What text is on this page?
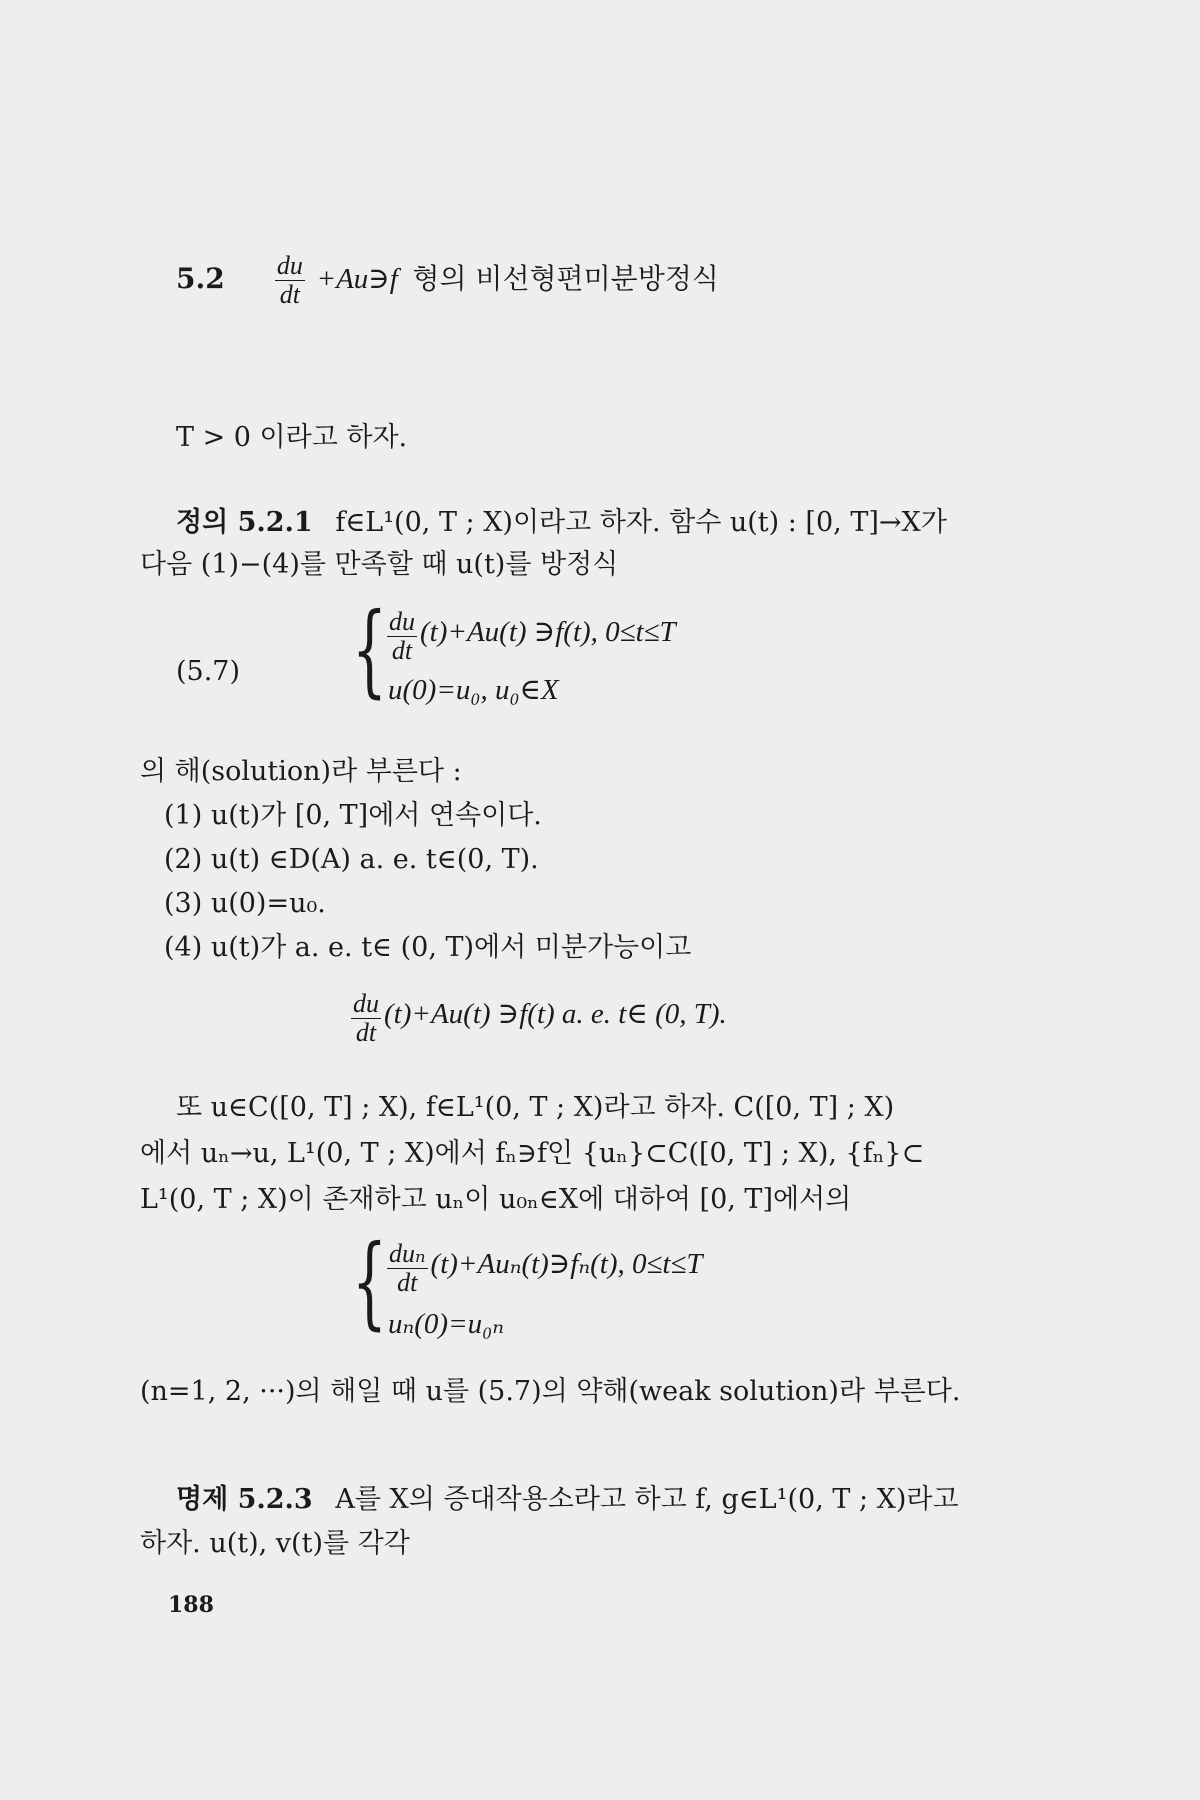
$5.2 \frac{du}{dt}$ +Au∋f 형의 비선형편미분방정식
T > 0 이라고 하자.
정의 5.2.1 f∈L¹(0, T ; X)이라고 하자. 함수 u(t) : [0, T]→X가
다음 (1)−(4)를 만족할 때 u(t)를 방정식
(5.7) { $\frac{du}{dt} (t)+Au(t)$ ∋f(t), 0≤t≤T
u(0)=u₀, u₀∈X
의 해(solution)라 부른다 :
(1) u(t)가 [0, T]에서 연속이다.
(2) u(t) ∈D(A) a. e. t∈(0, T).
(3) u(0)=u₀.
(4) u(t)가 a. e. t∈ (0, T)에서 미분가능이고
$\frac{du}{dt} (t)+Au(t)$ ∋f(t) a. e. t∈ (0, T).
또 u∈C([0, T] ; X), f∈L¹(0, T ; X)라고 하자. C([0, T] ; X)
에서 uₙ→u, L¹(0, T ; X)에서 fₙ∋f인 {uₙ}⊂C([0, T] ; X), {fₙ}⊂
L¹(0, T ; X)이 존재하고 uₙ이 u₀ₙ∈X에 대하여 [0, T]에서의
{ $\frac{\text{duₙ}}{dt}$ (t)+Auₙ(t)∋fₙ(t), 0≤t≤T
uₙ(0)=u₀ₙ
(n=1, 2, ···)의 해일 때 u를 (5.7)의 약해(weak solution)라 부른다.
명제 5.2.3 A를 X의 증대작용소라고 하고 f, g∈L¹(0, T ; X)라고
하자. u(t), v(t)를 각각
188
